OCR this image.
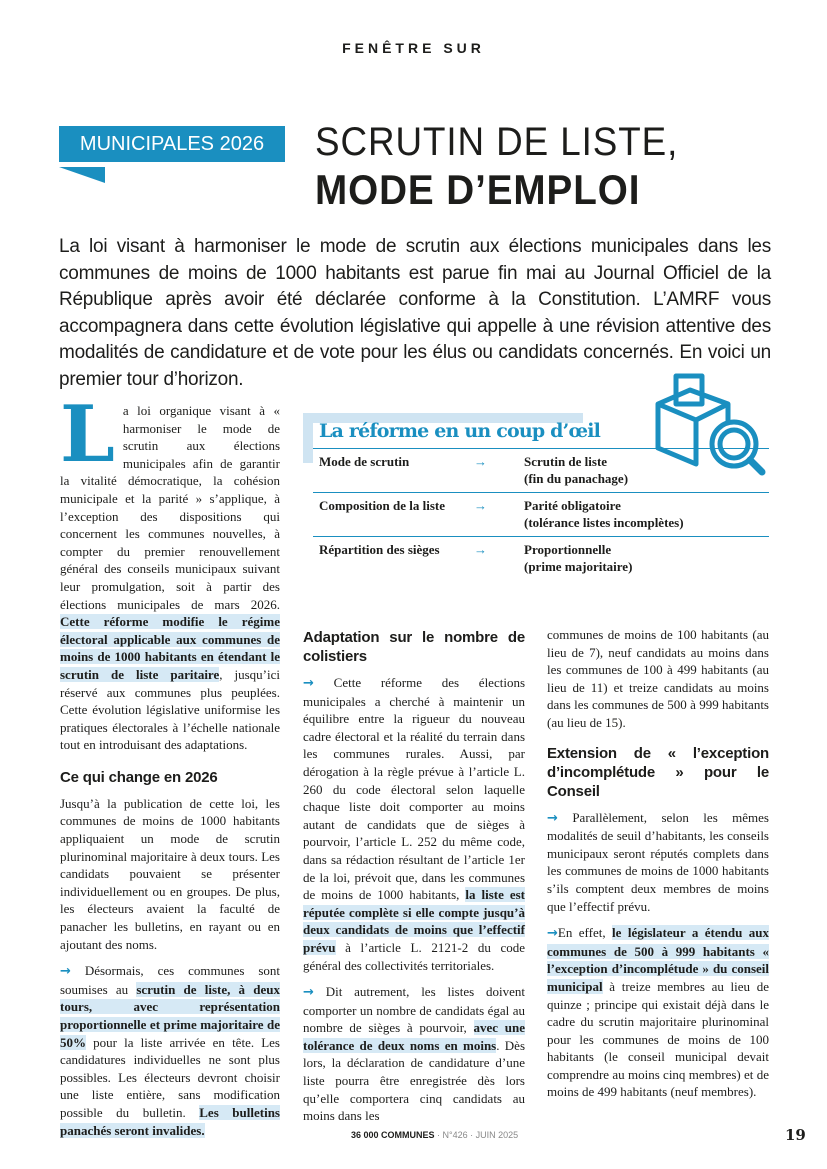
FENÊTRE SUR
MUNICIPALES 2026	SCRUTIN DE LISTE,
MODE D’EMPLOI

La loi visant à harmoniser le mode de scrutin aux élections municipales dans les communes de moins de 1000 habitants est parue fin mai au Journal Officiel de la République après avoir été déclarée conforme à la Constitution. L’AMRF vous accompagnera dans cette évolution législative qui appelle à une révision attentive des modalités de candidature et de vote pour les élus ou candidats concernés. En voici un premier tour d’horizon.

La loi organique visant à « harmoniser le mode de scrutin aux élections municipales afin de garantir la vitalité démocratique, la cohésion municipale et la parité » s’applique, à l’exception des dispositions qui concernent les communes nouvelles, à compter du premier renouvellement général des conseils municipaux suivant leur promulgation, soit à partir des élections municipales de mars 2026. Cette réforme modifie le régime électoral applicable aux communes de moins de 1000 habitants en étendant le scrutin de liste paritaire, jusqu’ici réservé aux communes plus peuplées. Cette évolution législative uniformise les pratiques électorales à l’échelle nationale tout en introduisant des adaptations.

Ce qui change en 2026

Jusqu’à la publication de cette loi, les communes de moins de 1000 habitants appliquaient un mode de scrutin plurinominal majoritaire à deux tours. Les candidats pouvaient se présenter individuellement ou en groupes. De plus, les électeurs avaient la faculté de panacher les bulletins, en rayant ou en ajoutant des noms.

→ Désormais, ces communes sont soumises au scrutin de liste, à deux tours, avec représentation proportionnelle et prime majoritaire de 50% pour la liste arrivée en tête. Les candidatures individuelles ne sont plus possibles. Les électeurs devront choisir une liste entière, sans modification possible du bulletin. Les bulletins panachés seront invalides.

La réforme en un coup d’œil
Mode de scrutin	→	Scrutin de liste
(fin du panachage)
Composition de la liste	→	Parité obligatoire
(tolérance listes incomplètes)
Répartition des sièges	→	Proportionnelle
(prime majoritaire)
Adaptation sur le nombre de colistiers

→ Cette réforme des élections municipales a cherché à maintenir un équilibre entre la rigueur du nouveau cadre électoral et la réalité du terrain dans les communes rurales. Aussi, par dérogation à la règle prévue à l’article L. 260 du code électoral selon laquelle chaque liste doit comporter au moins autant de candidats que de sièges à pourvoir, l’article L. 252 du même code, dans sa rédaction résultant de l’article 1er de la loi, prévoit que, dans les communes de moins de 1000 habitants, la liste est réputée complète si elle compte jusqu’à deux candidats de moins que l’effectif prévu à l’article L. 2121-2 du code général des collectivités territoriales.

→ Dit autrement, les listes doivent comporter un nombre de candidats égal au nombre de sièges à pourvoir, avec une tolérance de deux noms en moins. Dès lors, la déclaration de candidature d’une liste pourra être enregistrée dès lors qu’elle comportera cinq candidats au moins dans les

communes de moins de 100 habitants (au lieu de 7), neuf candidats au moins dans les communes de 100 à 499 habitants (au lieu de 11) et treize candidats au moins dans les communes de 500 à 999 habitants (au lieu de 15).

Extension de « l’exception d’incomplétude » pour le Conseil

→ Parallèlement, selon les mêmes modalités de seuil d’habitants, les conseils municipaux seront réputés complets dans les communes de moins de 1000 habitants s’ils comptent deux membres de moins que l’effectif prévu.

→En effet, le législateur a étendu aux communes de 500 à 999 habitants « l’exception d’incomplétude » du conseil municipal à treize membres au lieu de quinze ; principe qui existait déjà dans le cadre du scrutin majoritaire plurinominal pour les communes de moins de 100 habitants (le conseil municipal devait comprendre au moins cinq membres) et de moins de 499 habitants (neuf membres).

36 000 COMMUNES · N°426 · JUIN 2025	19
